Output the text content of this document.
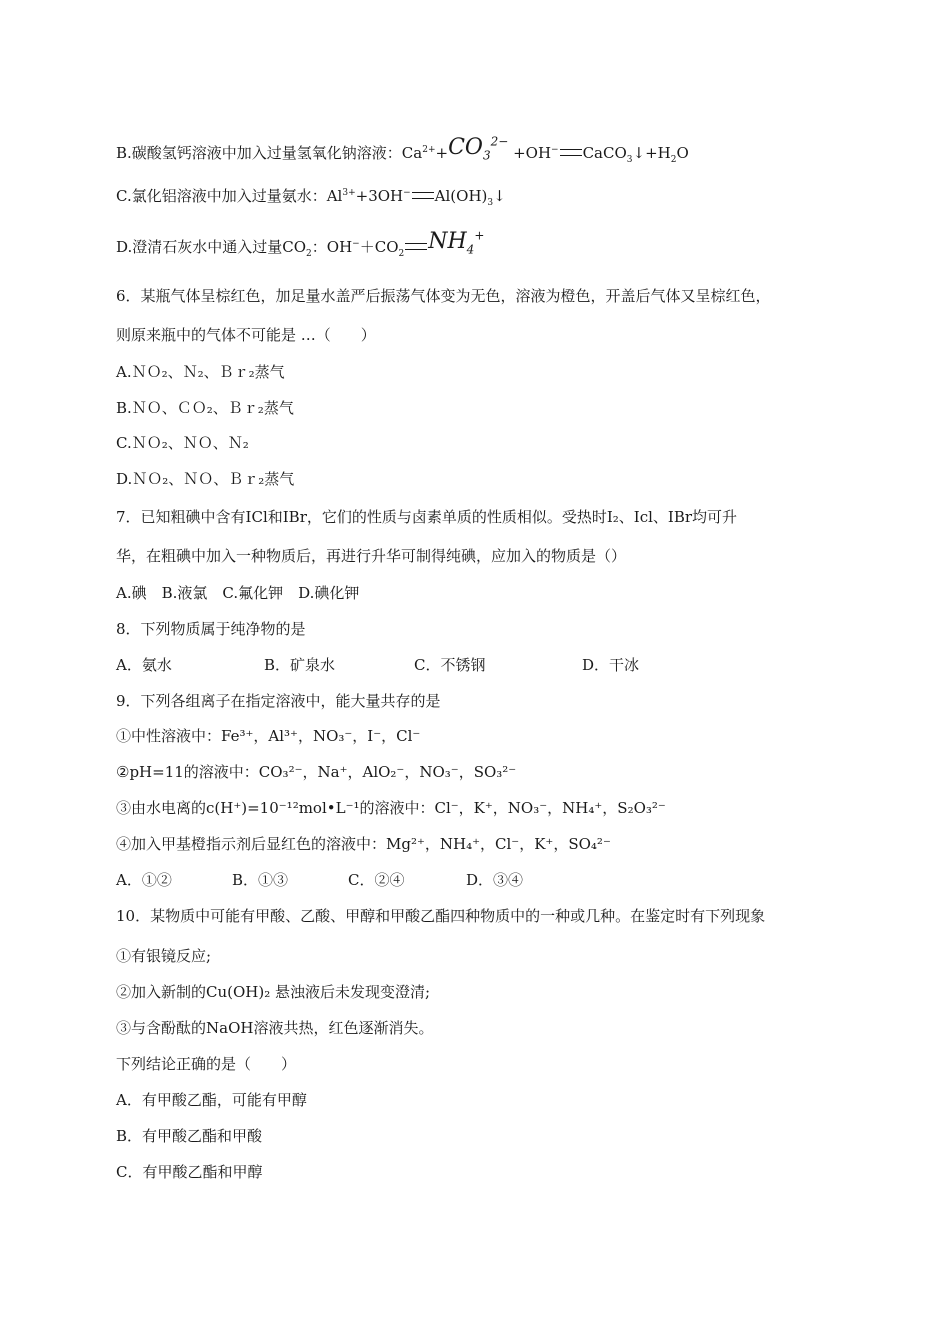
B.碳酸氢钙溶液中加入过量氢氧化钠溶液：$Ca^{2+}+CO_3^{2-} +OH^-$ $CaCO_3↓+H_2O$
C.氯化铝溶液中加入过量氨水：$Al^{3+}+3OH^-$ $Al(OH)_3↓$
D.澄清石灰水中通入过量$CO_2$：$OH^-+CO_2$ $NH_4^+$
6．某瓶气体呈棕红色，加足量水盖严后振荡气体变为无色，溶液为橙色，开盖后气体又呈棕红色，
则原来瓶中的气体不可能是 …（　　）
A.ＮＯ₂、Ｎ₂、Ｂｒ₂蒸气
B.ＮＯ、ＣＯ₂、Ｂｒ₂蒸气
C.ＮＯ₂、ＮＯ、Ｎ₂
D.ＮＯ₂、ＮＯ、Ｂｒ₂蒸气
7．已知粗碘中含有ICl和IBr，它们的性质与卤素单质的性质相似。受热时I₂、Icl、IBr均可升
华，在粗碘中加入一种物质后，再进行升华可制得纯碘，应加入的物质是（）
A.碘　B.液氯　C.氟化钾　D.碘化钾
8．下列物质属于纯净物的是
A．氨水	B．矿泉水	C．不锈钢	D．干冰
9．下列各组离子在指定溶液中，能大量共存的是
①中性溶液中：Fe³⁺，Al³⁺，NO₃⁻，I⁻，Cl⁻
②pH=11的溶液中：CO₃²⁻，Na⁺，AlO₂⁻，NO₃⁻，SO₃²⁻
③由水电离的c(H⁺)=10⁻¹²mol•L⁻¹的溶液中：Cl⁻，K⁺，NO₃⁻，NH₄⁺，S₂O₃²⁻
④加入甲基橙指示剂后显红色的溶液中：Mg²⁺，NH₄⁺，Cl⁻，K⁺，SO₄²⁻
A．①②	B．①③	C．②④	D．③④
10．某物质中可能有甲酸、乙酸、甲醇和甲酸乙酯四种物质中的一种或几种。在鉴定时有下列现象
①有银镜反应;
②加入新制的Cu(OH)₂ 悬浊液后未发现变澄清;
③与含酚酞的NaOH溶液共热，红色逐渐消失。
下列结论正确的是（　　）
A．有甲酸乙酯，可能有甲醇
B．有甲酸乙酯和甲酸
C．有甲酸乙酯和甲醇
